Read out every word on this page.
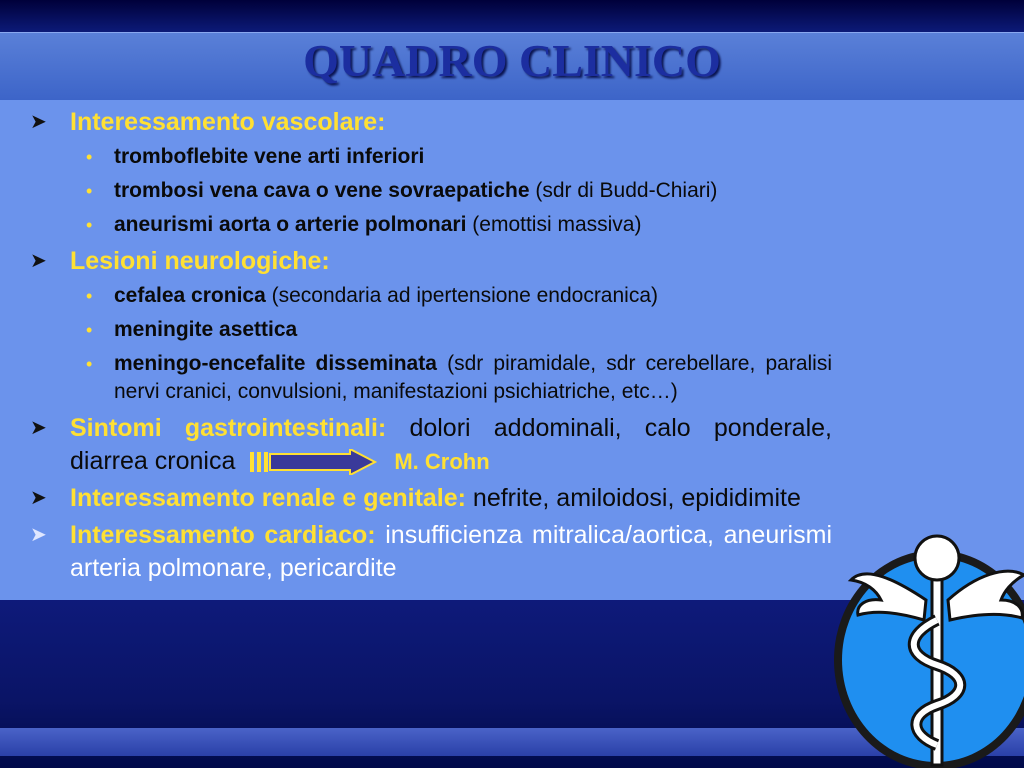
QUADRO CLINICO
➤ Interessamento vascolare:
• tromboflebite vene arti inferiori
• trombosi vena cava o vene sovraepatiche (sdr di Budd-Chiari)
• aneurismi aorta o arterie polmonari (emottisi massiva)
➤ Lesioni neurologiche:
• cefalea cronica (secondaria ad ipertensione endocranica)
• meningite asettica
• meningo-encefalite disseminata (sdr piramidale, sdr cerebellare, paralisi nervi cranici, convulsioni, manifestazioni psichiatriche, etc…)
➤ Sintomi gastrointestinali: dolori addominali, calo ponderale, diarrea cronica	M. Crohn
➤ Interessamento renale e genitale: nefrite, amiloidosi, epididimite
➤ Interessamento cardiaco: insufficienza mitralica/aortica, aneurismi arteria polmonare, pericardite
